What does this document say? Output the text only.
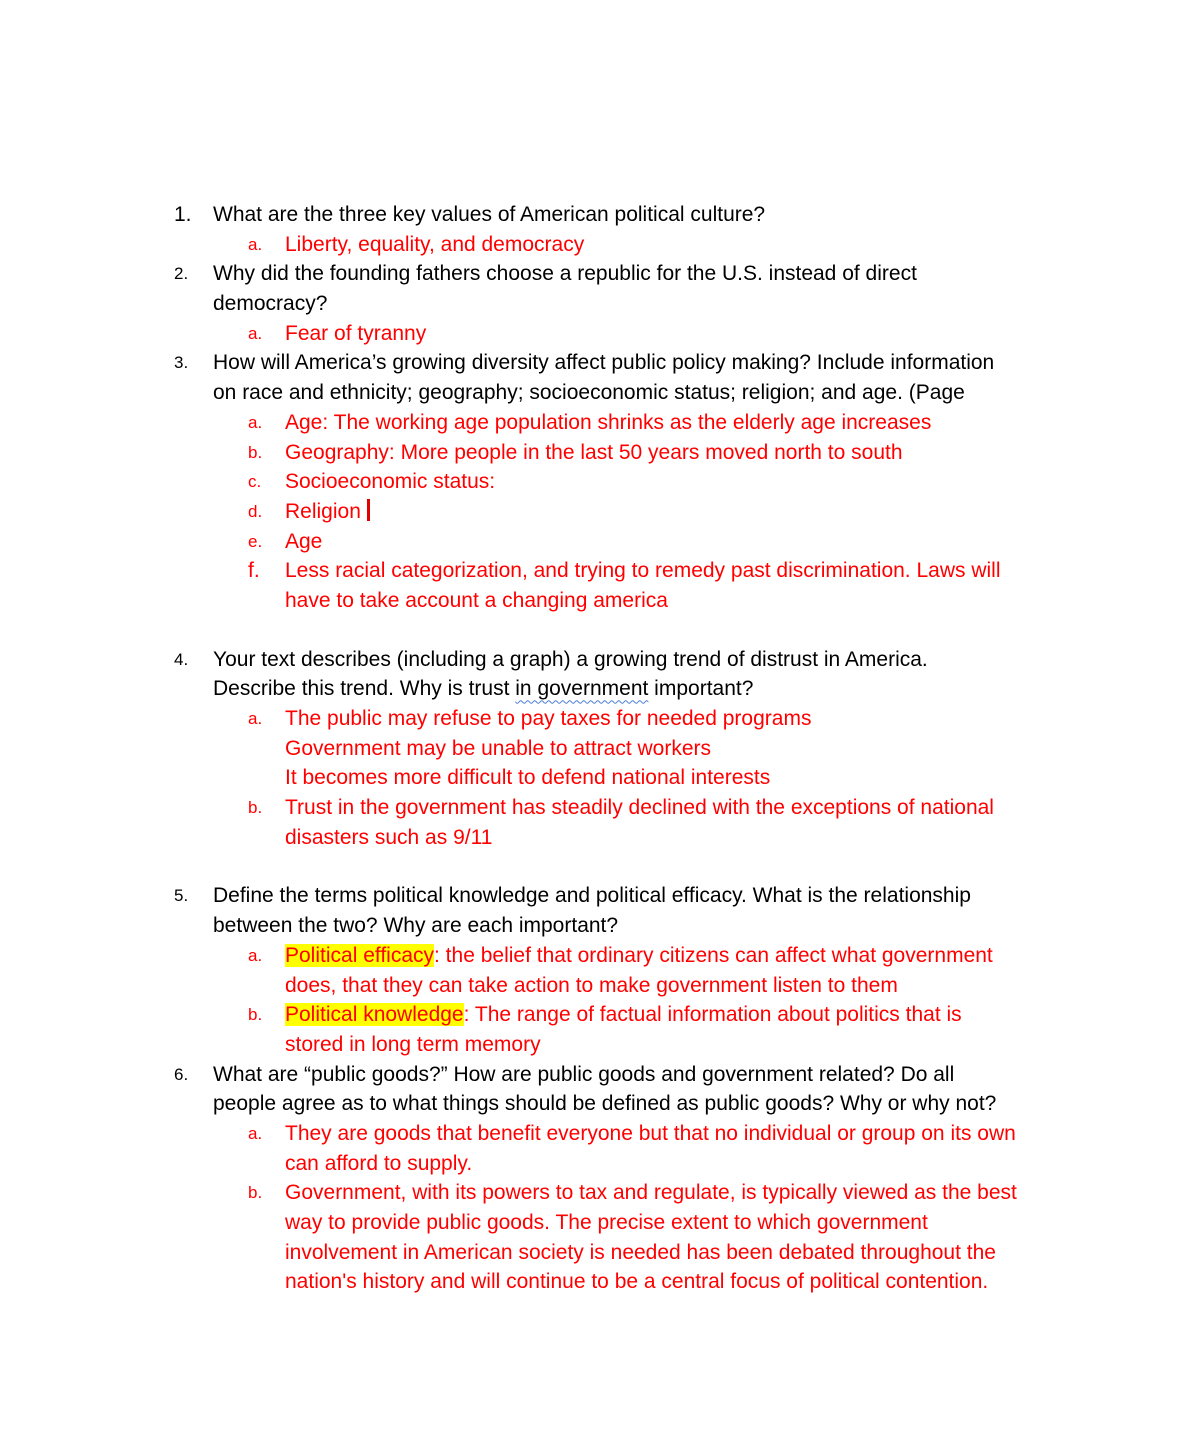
1. What are the three key values of American political culture?
a. Liberty, equality, and democracy
2. Why did the founding fathers choose a republic for the U.S. instead of direct
democracy?
a. Fear of tyranny
3. How will America’s growing diversity affect public policy making? Include information
on race and ethnicity; geography; socioeconomic status; religion; and age. (Page
a. Age: The working age population shrinks as the elderly age increases
b. Geography: More people in the last 50 years moved north to south
c. Socioeconomic status:
d. Religion
e. Age
f. Less racial categorization, and trying to remedy past discrimination. Laws will
have to take account a changing america
4. Your text describes (including a graph) a growing trend of distrust in America.
Describe this trend. Why is trust in government important?
a. The public may refuse to pay taxes for needed programs
Government may be unable to attract workers
It becomes more difficult to defend national interests
b. Trust in the government has steadily declined with the exceptions of national
disasters such as 9/11
5. Define the terms political knowledge and political efficacy. What is the relationship
between the two? Why are each important?
a. Political efficacy: the belief that ordinary citizens can affect what government
does, that they can take action to make government listen to them
b. Political knowledge: The range of factual information about politics that is
stored in long term memory
6. What are “public goods?” How are public goods and government related? Do all
people agree as to what things should be defined as public goods? Why or why not?
a. They are goods that benefit everyone but that no individual or group on its own
can afford to supply.
b. Government, with its powers to tax and regulate, is typically viewed as the best
way to provide public goods. The precise extent to which government
involvement in American society is needed has been debated throughout the
nation's history and will continue to be a central focus of political contention.
